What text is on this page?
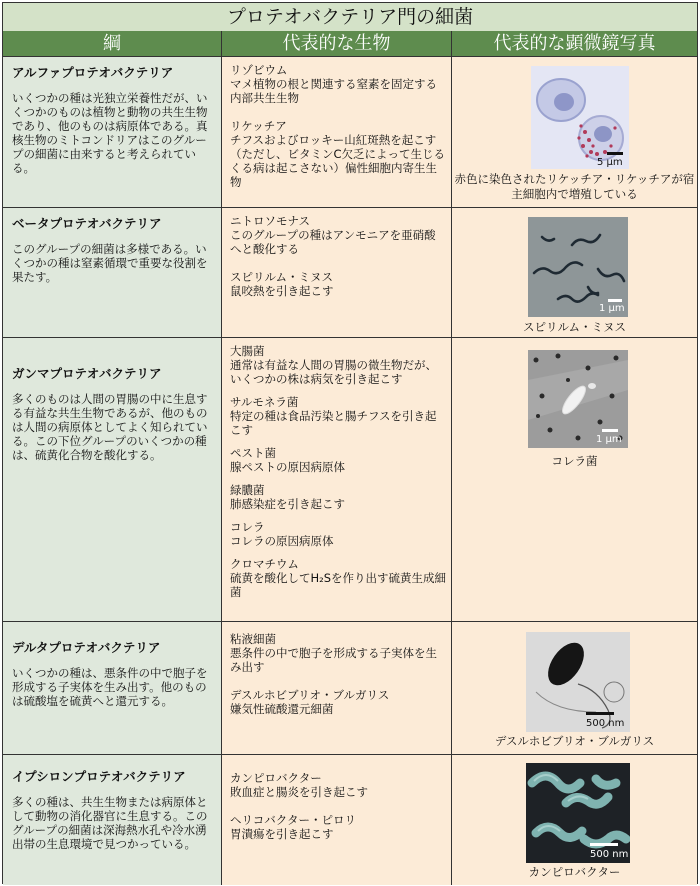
プロテオバクテリア門の細菌
綱	代表的な生物	代表的な顕微鏡写真
アルファプロテオバクテリア
いくつかの種は光独立栄養性だが、いくつかのものは植物と動物の共生生物であり、他のものは病原体である。真核生物のミトコンドリアはこのグループの細菌に由来すると考えられている。
リゾビウム
マメ植物の根と関連する窒素を固定する内部共生生物
リケッチア
チフスおよびロッキー山紅斑熱を起こす（ただし、ビタミンC欠乏によって生じるくる病は起こさない）偏性細胞内寄生生物
5 µm
赤色に染色されたリケッチア・リケッチアが宿主細胞内で増殖している
ベータプロテオバクテリア
このグループの細菌は多様である。いくつかの種は窒素循環で重要な役割を果たす。
ニトロソモナス
このグループの種はアンモニアを亜硝酸へと酸化する
スピリルム・ミヌス
鼠咬熱を引き起こす
1 µm
スピリルム・ミヌス
ガンマプロテオバクテリア
多くのものは人間の胃腸の中に生息する有益な共生生物であるが、他のものは人間の病原体としてよく知られている。この下位グループのいくつかの種は、硫黄化合物を酸化する。
大腸菌
通常は有益な人間の胃腸の微生物だが、いくつかの株は病気を引き起こす
サルモネラ菌
特定の種は食品汚染と腸チフスを引き起こす
ペスト菌
腺ペストの原因病原体
緑膿菌
肺感染症を引き起こす
コレラ
コレラの原因病原体
クロマチウム
硫黄を酸化してH₂Sを作り出す硫黄生成細菌
1 µm
コレラ菌
デルタプロテオバクテリア
いくつかの種は、悪条件の中で胞子を形成する子実体を生み出す。他のものは硫酸塩を硫黄へと還元する。
粘液細菌
悪条件の中で胞子を形成する子実体を生み出す
デスルホビブリオ・ブルガリス
嫌気性硫酸還元細菌
500 nm
デスルホビブリオ・ブルガリス
イプシロンプロテオバクテリア
多くの種は、共生生物または病原体として動物の消化器官に生息する。このグループの細菌は深海熱水孔や冷水湧出帯の生息環境で見つかっている。
カンピロバクター
敗血症と腸炎を引き起こす
ヘリコバクター・ピロリ
胃潰瘍を引き起こす
500 nm
カンピロバクター
